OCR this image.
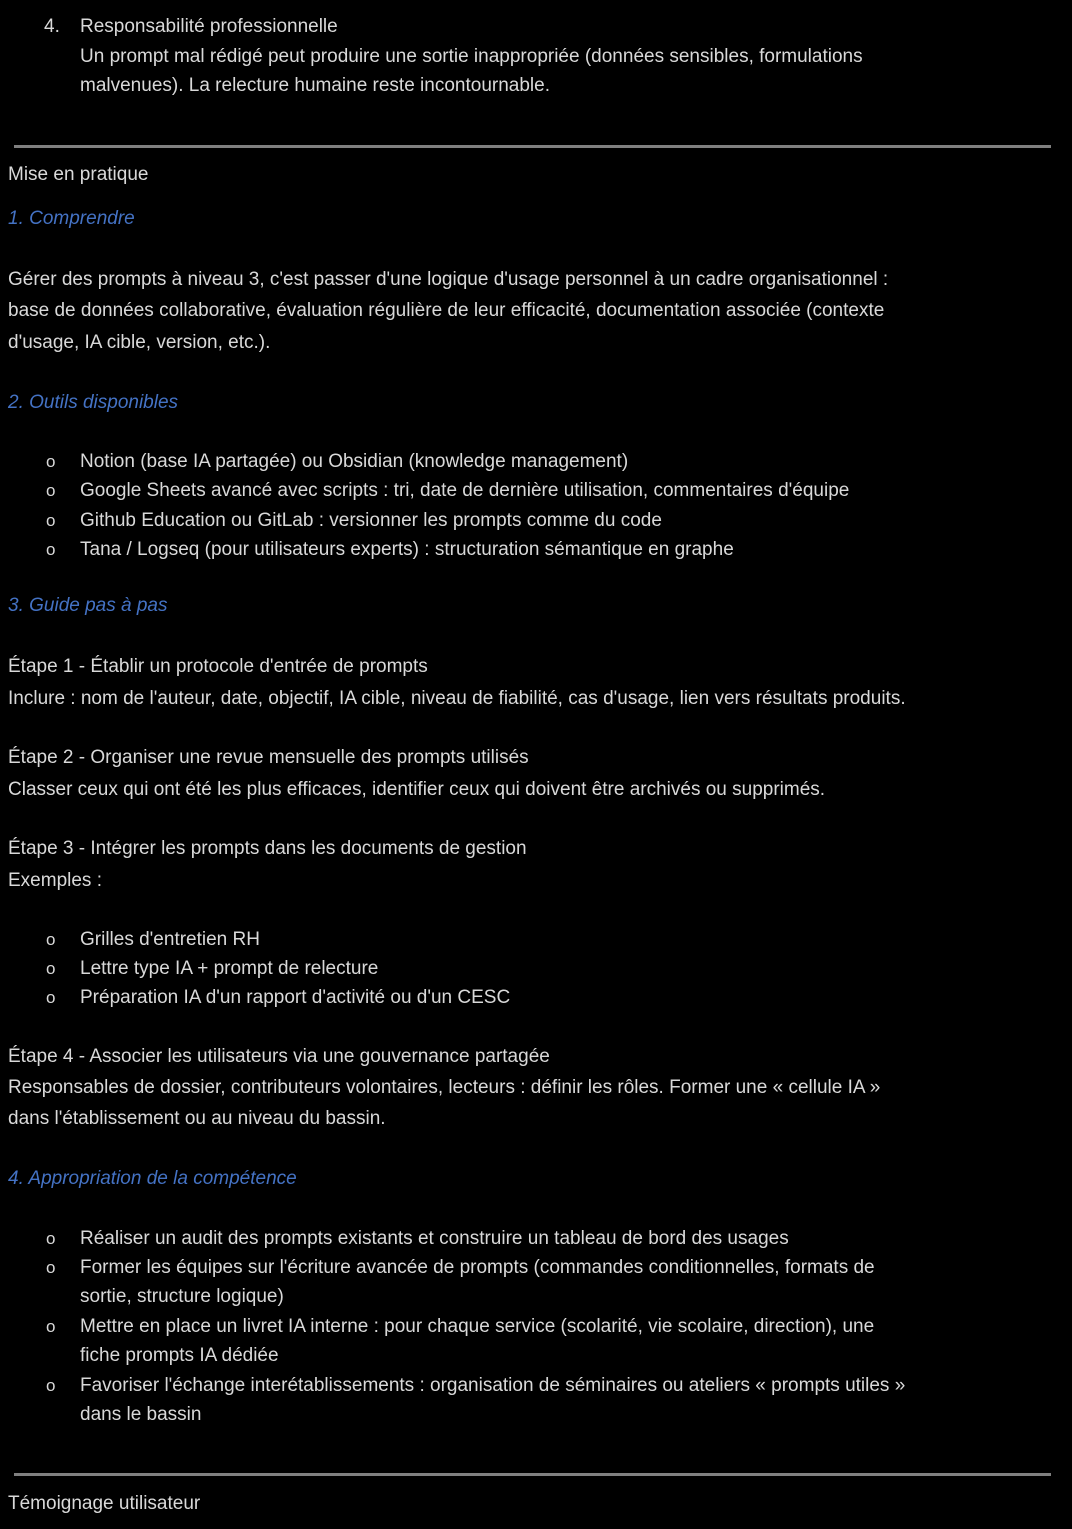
4. Responsabilité professionnelle
Un prompt mal rédigé peut produire une sortie inappropriée (données sensibles, formulations
malvenues). La relecture humaine reste incontournable.
Mise en pratique
1. Comprendre
Gérer des prompts à niveau 3, c'est passer d'une logique d'usage personnel à un cadre organisationnel :
base de données collaborative, évaluation régulière de leur efficacité, documentation associée (contexte
d'usage, IA cible, version, etc.).
2. Outils disponibles
o Notion (base IA partagée) ou Obsidian (knowledge management)
o Google Sheets avancé avec scripts : tri, date de dernière utilisation, commentaires d'équipe
o Github Education ou GitLab : versionner les prompts comme du code
o Tana / Logseq (pour utilisateurs experts) : structuration sémantique en graphe
3. Guide pas à pas
Étape 1 - Établir un protocole d'entrée de prompts
Inclure : nom de l'auteur, date, objectif, IA cible, niveau de fiabilité, cas d'usage, lien vers résultats produits.
Étape 2 - Organiser une revue mensuelle des prompts utilisés
Classer ceux qui ont été les plus efficaces, identifier ceux qui doivent être archivés ou supprimés.
Étape 3 - Intégrer les prompts dans les documents de gestion
Exemples :
o Grilles d'entretien RH
o Lettre type IA + prompt de relecture
o Préparation IA d'un rapport d'activité ou d'un CESC
Étape 4 - Associer les utilisateurs via une gouvernance partagée
Responsables de dossier, contributeurs volontaires, lecteurs : définir les rôles. Former une « cellule IA »
dans l'établissement ou au niveau du bassin.
4. Appropriation de la compétence
o Réaliser un audit des prompts existants et construire un tableau de bord des usages
o Former les équipes sur l'écriture avancée de prompts (commandes conditionnelles, formats de
sortie, structure logique)
o Mettre en place un livret IA interne : pour chaque service (scolarité, vie scolaire, direction), une
fiche prompts IA dédiée
o Favoriser l'échange interétablissements : organisation de séminaires ou ateliers « prompts utiles »
dans le bassin
Témoignage utilisateur
